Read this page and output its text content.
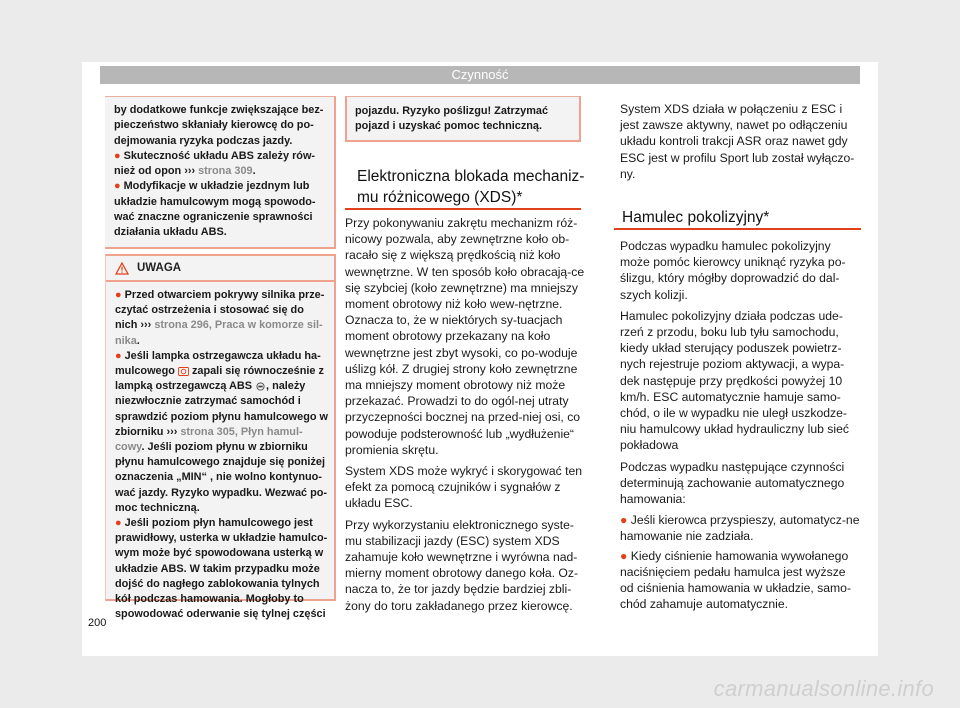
Czynność
by dodatkowe funkcje zwiększające bez-pieczeństwo skłaniały kierowcę do po-dejmowania ryzyka podczas jazdy.
● Skuteczność układu ABS zależy rów-nież od opon ››› strona 309.
● Modyfikacje w układzie jezdnym lub układzie hamulcowym mogą spowodo-wać znaczne ograniczenie sprawności działania układu ABS.
UWAGA
● Przed otwarciem pokrywy silnika prze-czytać ostrzeżenia i stosować się do nich ››› strona 296, Praca w komorze sil-nika.
● Jeśli lampka ostrzegawcza układu ha-mulcowego  zapali się równocześnie z lampką ostrzegawczą ABS , należy niezwłocznie zatrzymać samochód i sprawdzić poziom płynu hamulcowego w zbiorniku ››› strona 305, Płyn hamul-cowy. Jeśli poziom płynu w zbiorniku płynu hamulcowego znajduje się poniżej oznaczenia „MIN“ , nie wolno kontynuo-wać jazdy. Ryzyko wypadku. Wezwać po-moc techniczną.
● Jeśli poziom płyn hamulcowego jest prawidłowy, usterka w układzie hamulco-wym może być spowodowana usterką w układzie ABS. W takim przypadku może dojść do nagłego zablokowania tylnych kół podczas hamowania. Mogłoby to spowodować oderwanie się tylnej części
pojazdu. Ryzyko poślizgu! Zatrzymać pojazd i uzyskać pomoc techniczną.
Elektroniczna blokada mechaniz-mu różnicowego (XDS)*

Przy pokonywaniu zakrętu mechanizm róż-nicowy pozwala, aby zewnętrzne koło ob-racało się z większą prędkością niż koło wewnętrzne. W ten sposób koło obracają-ce się szybciej (koło zewnętrzne) ma mniejszy moment obrotowy niż koło wew-nętrzne. Oznacza to, że w niektórych sy-tuacjach moment obrotowy przekazany na koło wewnętrzne jest zbyt wysoki, co po-woduje uślizg kół. Z drugiej strony koło zewnętrzne ma mniejszy moment obrotowy niż może przekazać. Prowadzi to do ogól-nej utraty przyczepności bocznej na przed-niej osi, co powoduje podsterowność lub „wydłużenie“ promienia skrętu.

System XDS może wykryć i skorygować ten efekt za pomocą czujników i sygnałów z układu ESC.

Przy wykorzystaniu elektronicznego syste-mu stabilizacji jazdy (ESC) system XDS zahamuje koło wewnętrzne i wyrówna nad-mierny moment obrotowy danego koła. Oz-nacza to, że tor jazdy będzie bardziej zbli-żony do toru zakładanego przez kierowcę.

System XDS działa w połączeniu z ESC i jest zawsze aktywny, nawet po odłączeniu układu kontroli trakcji ASR oraz nawet gdy ESC jest w profilu Sport lub został wyłączo-ny.

Hamulec pokolizyjny*

Podczas wypadku hamulec pokolizyjny może pomóc kierowcy uniknąć ryzyka po-ślizgu, który mógłby doprowadzić do dal-szych kolizji.

Hamulec pokolizyjny działa podczas ude-rzeń z przodu, boku lub tyłu samochodu, kiedy układ sterujący poduszek powietrz-nych rejestruje poziom aktywacji, a wypa-dek następuje przy prędkości powyżej 10 km/h. ESC automatycznie hamuje samo-chód, o ile w wypadku nie uległ uszkodze-niu hamulcowy układ hydrauliczny lub sieć pokładowa

Podczas wypadku następujące czynności determinują zachowanie automatycznego hamowania:

● Jeśli kierowca przyspieszy, automatycz-ne hamowanie nie zadziała.
● Kiedy ciśnienie hamowania wywołanego naciśnięciem pedału hamulca jest wyższe od ciśnienia hamowania w układzie, samo-chód zahamuje automatycznie.
200
carmanualsonline.info
